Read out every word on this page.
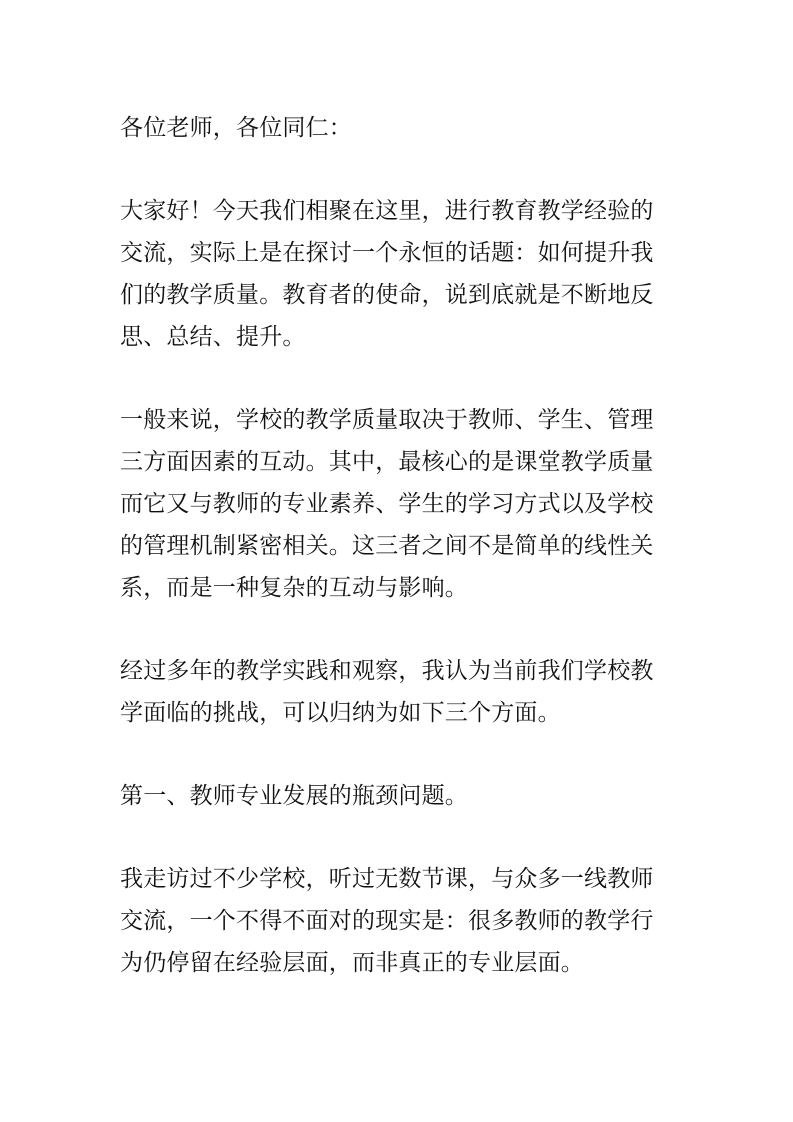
各位老师，各位同仁：
大家好！今天我们相聚在这里，进行教育教学经验的
交流，实际上是在探讨一个永恒的话题：如何提升我
们的教学质量。教育者的使命，说到底就是不断地反
思、总结、提升。
一般来说，学校的教学质量取决于教师、学生、管理
三方面因素的互动。其中，最核心的是课堂教学质量
而它又与教师的专业素养、学生的学习方式以及学校
的管理机制紧密相关。这三者之间不是简单的线性关
系，而是一种复杂的互动与影响。
经过多年的教学实践和观察，我认为当前我们学校教
学面临的挑战，可以归纳为如下三个方面。
第一、教师专业发展的瓶颈问题。
我走访过不少学校，听过无数节课，与众多一线教师
交流，一个不得不面对的现实是：很多教师的教学行
为仍停留在经验层面，而非真正的专业层面。
